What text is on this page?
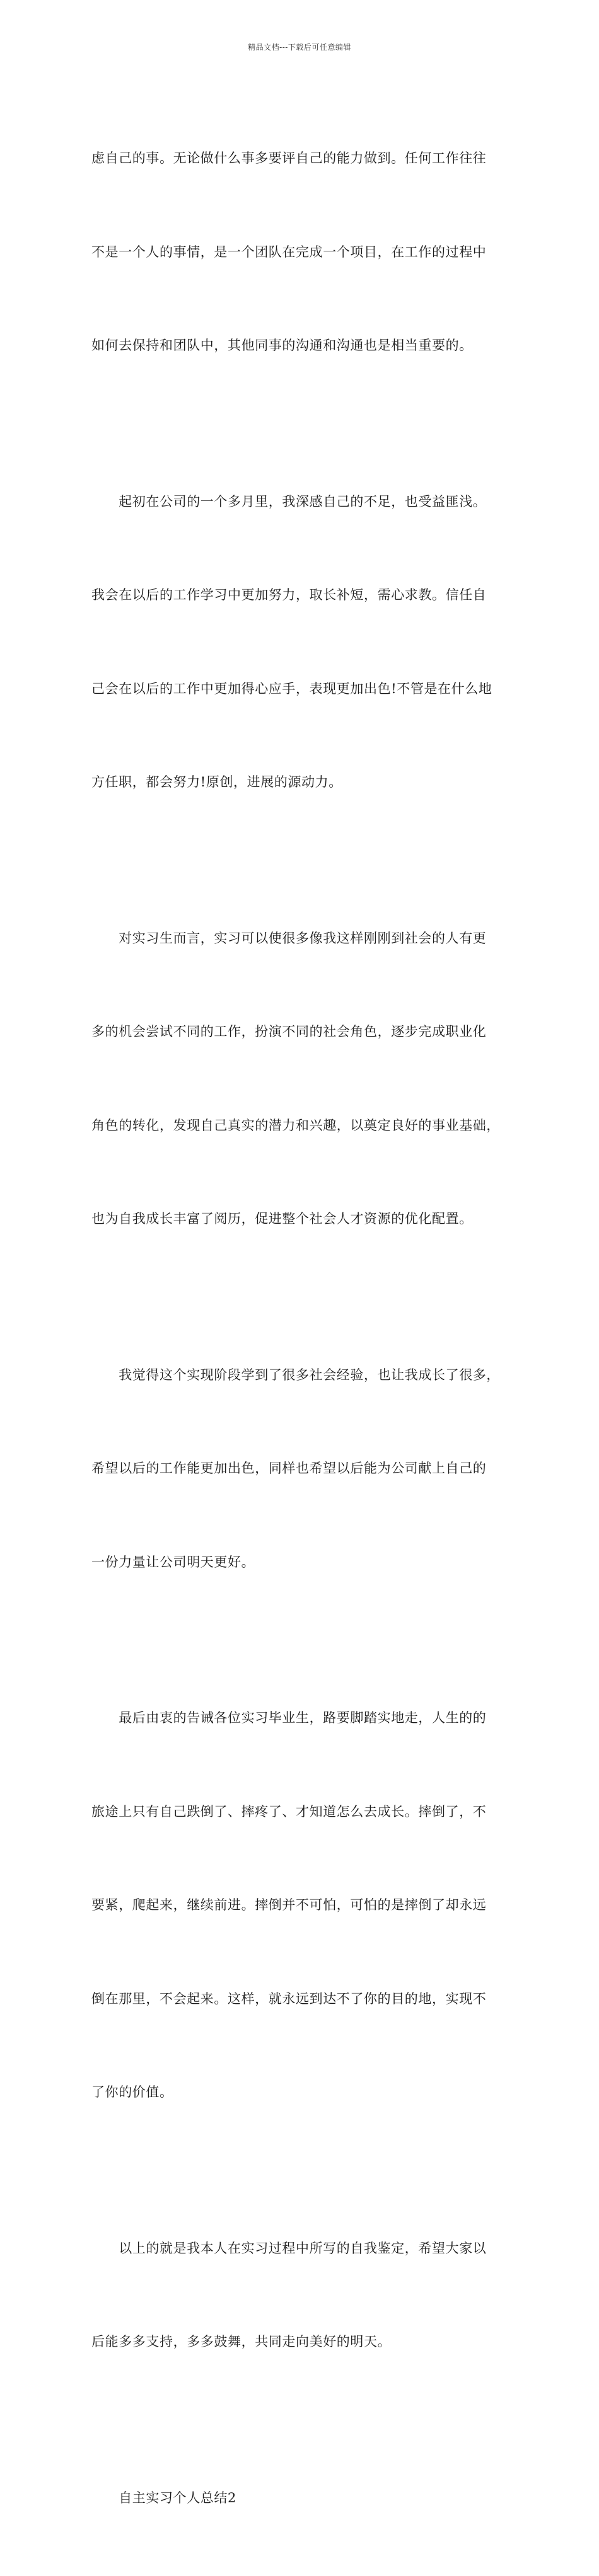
精品文档---下载后可任意编辑

虑自己的事。无论做什么事多要评自己的能力做到。任何工作往往

不是一个人的事情，是一个团队在完成一个项目，在工作的过程中

如何去保持和团队中，其他同事的沟通和沟通也是相当重要的。

　　起初在公司的一个多月里，我深感自己的不足，也受益匪浅。

我会在以后的工作学习中更加努力，取长补短，需心求教。信任自

己会在以后的工作中更加得心应手，表现更加出色!不管是在什么地

方任职，都会努力!原创，进展的源动力。

　　对实习生而言，实习可以使很多像我这样刚刚到社会的人有更

多的机会尝试不同的工作，扮演不同的社会角色，逐步完成职业化

角色的转化，发现自己真实的潜力和兴趣，以奠定良好的事业基础，

也为自我成长丰富了阅历，促进整个社会人才资源的优化配置。

　　我觉得这个实现阶段学到了很多社会经验，也让我成长了很多，

希望以后的工作能更加出色，同样也希望以后能为公司献上自己的

一份力量让公司明天更好。

　　最后由衷的告诫各位实习毕业生，路要脚踏实地走，人生的的

旅途上只有自己跌倒了、摔疼了、才知道怎么去成长。摔倒了，不

要紧，爬起来，继续前进。摔倒并不可怕，可怕的是摔倒了却永远

倒在那里，不会起来。这样，就永远到达不了你的目的地，实现不

了你的价值。

　　以上的就是我本人在实习过程中所写的自我鉴定，希望大家以

后能多多支持，多多鼓舞，共同走向美好的明天。

　　自主实习个人总结2
